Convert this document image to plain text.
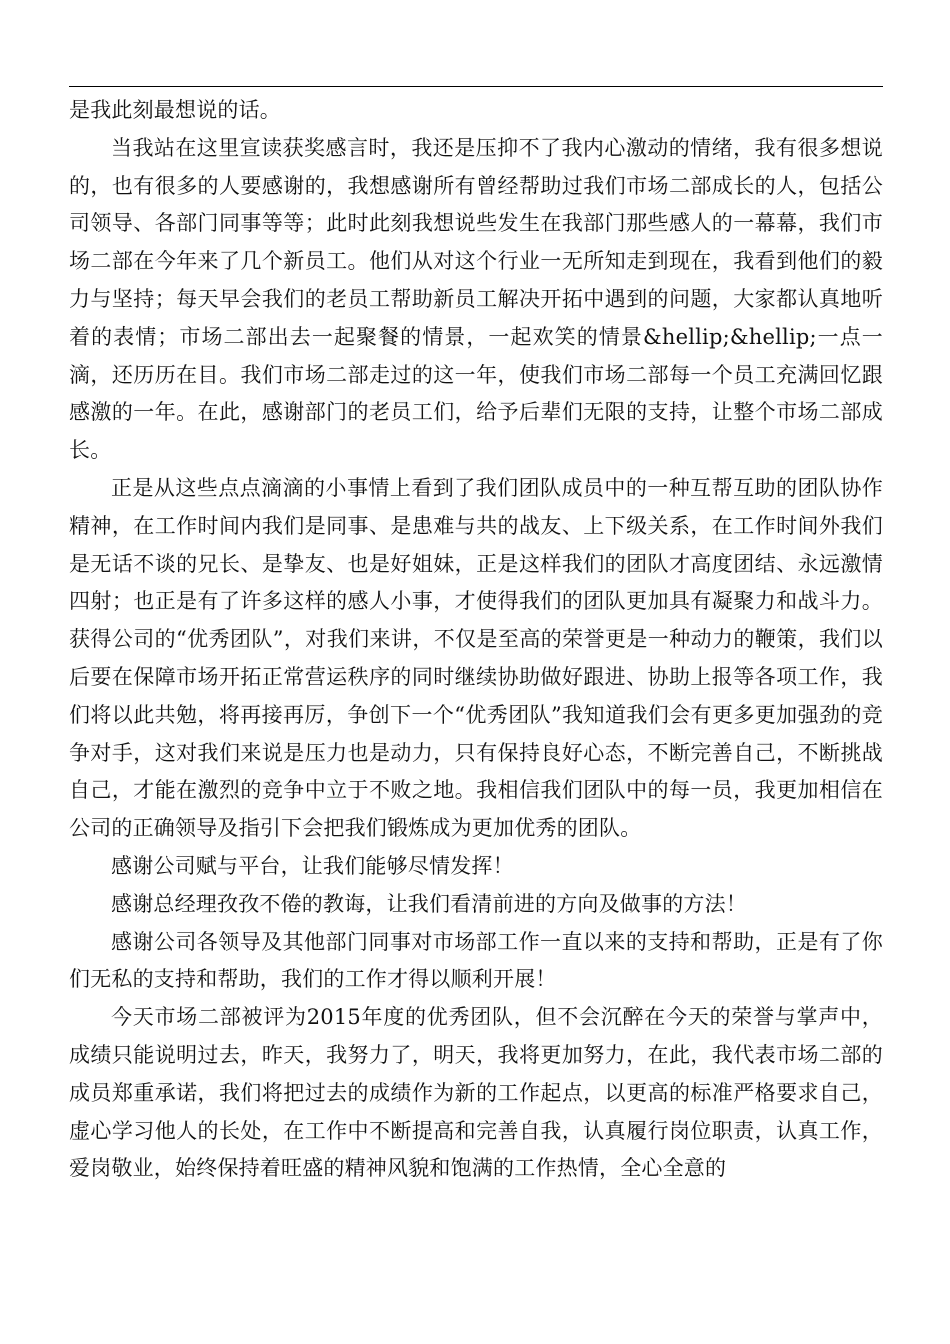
是我此刻最想说的话。

当我站在这里宣读获奖感言时，我还是压抑不了我内心激动的情绪，我有很多想说的，也有很多的人要感谢的，我想感谢所有曾经帮助过我们市场二部成长的人，包括公司领导、各部门同事等等；此时此刻我想说些发生在我部门那些感人的一幕幕，我们市场二部在今年来了几个新员工。他们从对这个行业一无所知走到现在，我看到他们的毅力与坚持；每天早会我们的老员工帮助新员工解决开拓中遇到的问题，大家都认真地听着的表情；市场二部出去一起聚餐的情景，一起欢笑的情景&hellip;&hellip;一点一滴，还历历在目。我们市场二部走过的这一年，使我们市场二部每一个员工充满回忆跟感激的一年。在此，感谢部门的老员工们，给予后辈们无限的支持，让整个市场二部成长。

正是从这些点点滴滴的小事情上看到了我们团队成员中的一种互帮互助的团队协作精神，在工作时间内我们是同事、是患难与共的战友、上下级关系，在工作时间外我们是无话不谈的兄长、是挚友、也是好姐妹，正是这样我们的团队才高度团结、永远激情四射；也正是有了许多这样的感人小事，才使得我们的团队更加具有凝聚力和战斗力。获得公司的“优秀团队”，对我们来讲，不仅是至高的荣誉更是一种动力的鞭策，我们以后要在保障市场开拓正常营运秩序的同时继续协助做好跟进、协助上报等各项工作，我们将以此共勉，将再接再厉，争创下一个“优秀团队”我知道我们会有更多更加强劲的竞争对手，这对我们来说是压力也是动力，只有保持良好心态，不断完善自己，不断挑战自己，才能在激烈的竞争中立于不败之地。我相信我们团队中的每一员，我更加相信在公司的正确领导及指引下会把我们锻炼成为更加优秀的团队。

感谢公司赋与平台，让我们能够尽情发挥！

感谢总经理孜孜不倦的教诲，让我们看清前进的方向及做事的方法！

感谢公司各领导及其他部门同事对市场部工作一直以来的支持和帮助，正是有了你们无私的支持和帮助，我们的工作才得以顺利开展！

今天市场二部被评为2015年度的优秀团队，但不会沉醉在今天的荣誉与掌声中，成绩只能说明过去，昨天，我努力了，明天，我将更加努力，在此，我代表市场二部的成员郑重承诺，我们将把过去的成绩作为新的工作起点，以更高的标准严格要求自己，虚心学习他人的长处，在工作中不断提高和完善自我，认真履行岗位职责，认真工作，爱岗敬业，始终保持着旺盛的精神风貌和饱满的工作热情，全心全意的
